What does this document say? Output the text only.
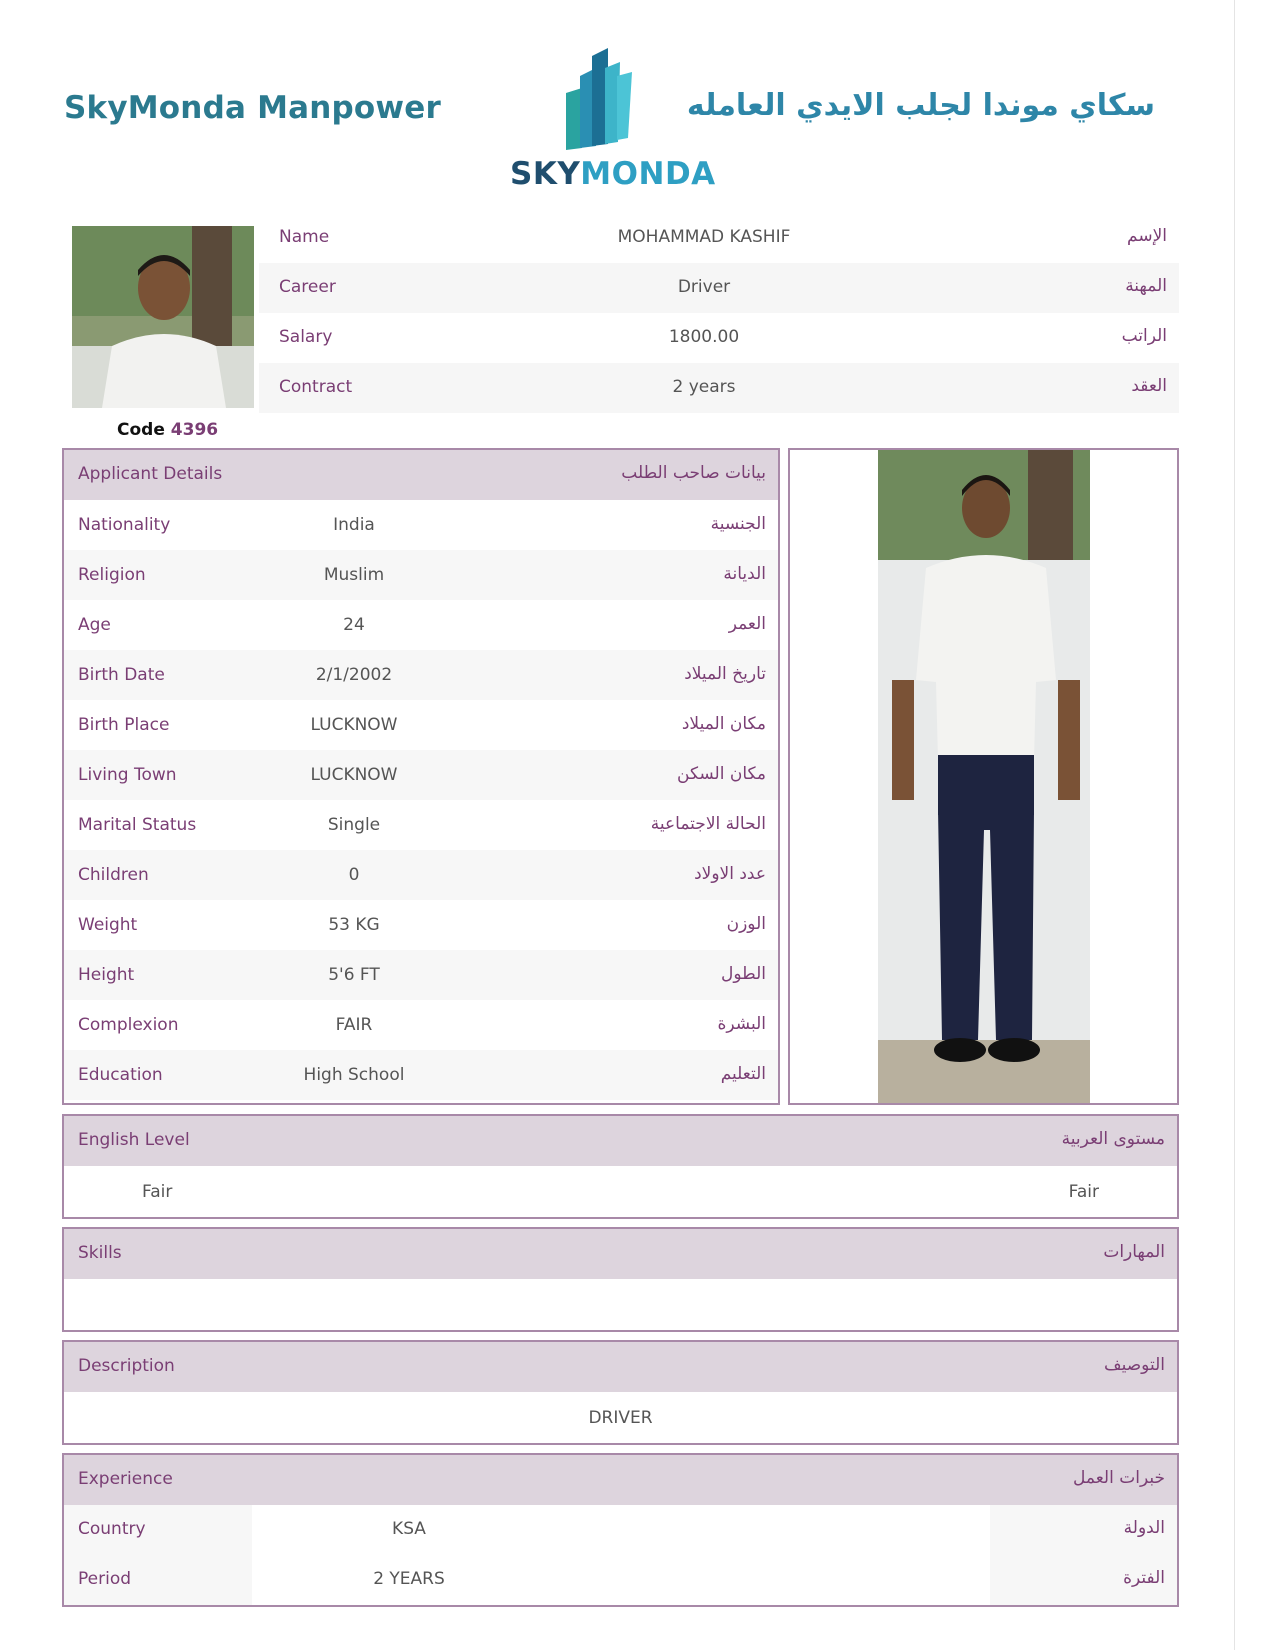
SkyMonda Manpower
SKYMONDA
سكاي موندا لجلب الايدي العامله
Code 4396
Name	MOHAMMAD KASHIF	الإسم
Career	Driver	المهنة
Salary	1800.00	الراتب
Contract	2 years	العقد
Applicant Details	بيانات صاحب الطلب
Nationality	India	الجنسية
Religion	Muslim	الديانة
Age	24	العمر
Birth Date	2/1/2002	تاريخ الميلاد
Birth Place	LUCKNOW	مكان الميلاد
Living Town	LUCKNOW	مكان السكن
Marital Status	Single	الحالة الاجتماعية
Children	0	عدد الاولاد
Weight	53 KG	الوزن
Height	5'6 FT	الطول
Complexion	FAIR	البشرة
Education	High School	التعليم
English Level	مستوى العربية
Fair	Fair
Skills	المهارات
Description	التوصيف
DRIVER
Experience	خبرات العمل
Country	KSA	الدولة
Period	2 YEARS	الفترة
